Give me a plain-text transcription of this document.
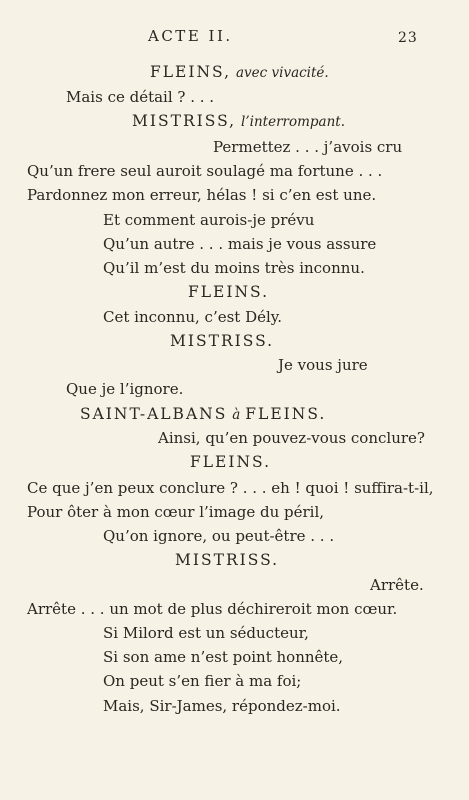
ACTE II.	23
FLEINS, avec vivacité.
Mais ce détail ? . . .
MISTRISS, l’interrompant.
Permettez . . . j’avois cru
Qu’un frere seul auroit soulagé ma fortune . . .
Pardonnez mon erreur, hélas ! si c’en est une.
Et comment aurois-je prévu
Qu’un autre . . . mais je vous assure
Qu’il m’est du moins très inconnu.
FLEINS.
Cet inconnu, c’est Dély.
MISTRISS.
Je vous jure
Que je l’ignore.
SAINT-ALBANS à FLEINS.
Ainsi, qu’en pouvez-vous conclure?
FLEINS.
Ce que j’en peux conclure ? . . . eh ! quoi ! suffira-t-il,
Pour ôter à mon cœur l’image du péril,
Qu’on ignore, ou peut-être . . .
MISTRISS.
Arrête.
Arrête . . . un mot de plus déchireroit mon cœur.
Si Milord est un séducteur,
Si son ame n’est point honnête,
On peut s’en fier à ma foi;
Mais, Sir-James, répondez-moi.
